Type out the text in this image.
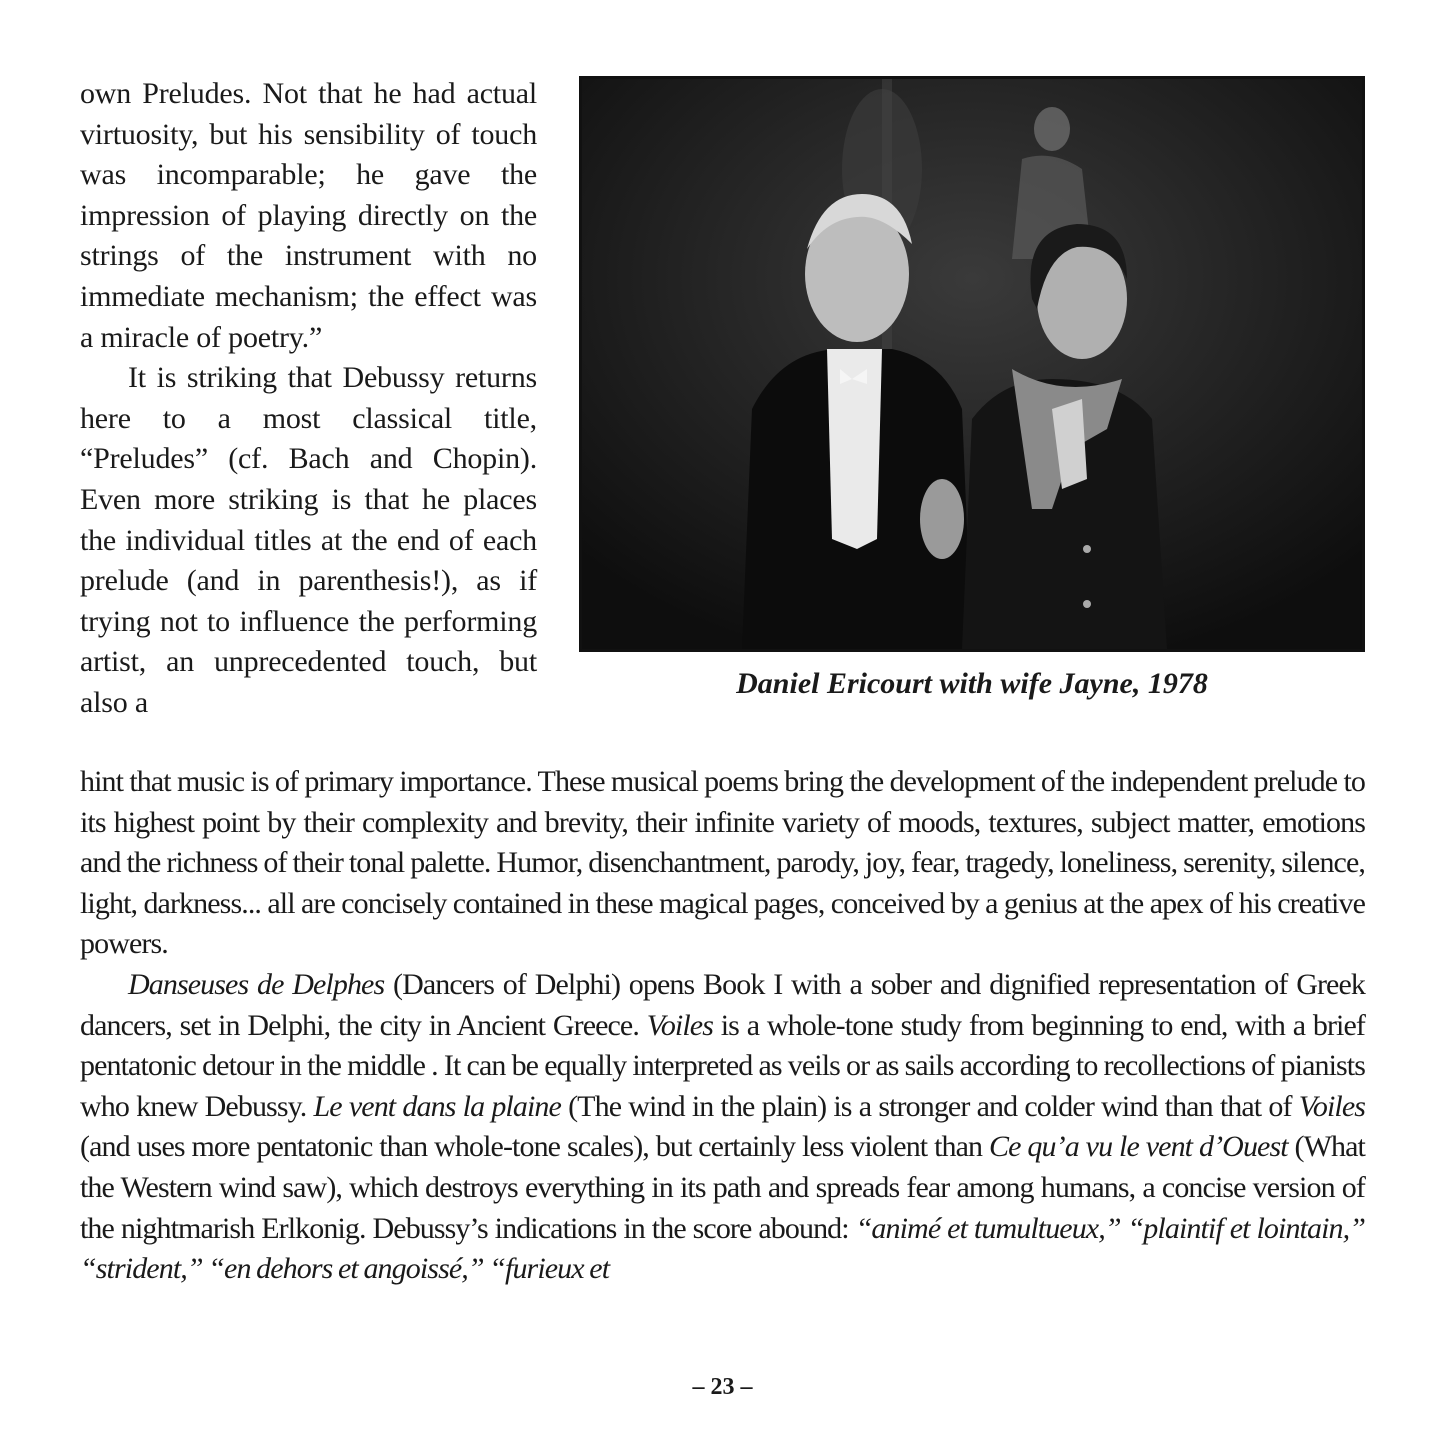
own Preludes. Not that he had actual virtuosity, but his sensibility of touch was incomparable; he gave the impression of playing directly on the strings of the instrument with no immediate mechanism; the effect was a miracle of poetry.”

It is striking that Debussy returns here to a most classical title, “Preludes” (cf. Bach and Chopin). Even more striking is that he places the individual titles at the end of each prelude (and in parenthesis!), as if trying not to influence the performing artist, an unprecedented touch, but also a

Daniel Ericourt with wife Jayne, 1978

hint that music is of primary importance. These musical poems bring the development of the independent prelude to its highest point by their complexity and brevity, their infinite variety of moods, textures, subject matter, emotions and the richness of their tonal palette. Humor, disenchantment, parody, joy, fear, tragedy, loneliness, serenity, silence, light, darkness... all are concisely contained in these magical pages, conceived by a genius at the apex of his creative powers.

Danseuses de Delphes (Dancers of Delphi) opens Book I with a sober and dignified representation of Greek dancers, set in Delphi, the city in Ancient Greece. Voiles is a whole-tone study from beginning to end, with a brief pentatonic detour in the middle . It can be equally interpreted as veils or as sails according to recollections of pianists who knew Debussy. Le vent dans la plaine (The wind in the plain) is a stronger and colder wind than that of Voiles (and uses more pentatonic than whole-tone scales), but certainly less violent than Ce qu’a vu le vent d’Ouest (What the Western wind saw), which destroys everything in its path and spreads fear among humans, a concise version of the nightmarish Erlkonig. Debussy’s indications in the score abound: “animé et tumultueux,” “plaintif et lointain,” “strident,” “en dehors et angoissé,” “furieux et

– 23 –
